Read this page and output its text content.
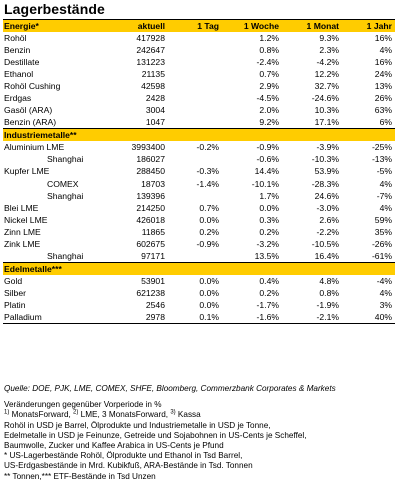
Lagerbestände
Energie*	aktuell	1 Tag	1 Woche	1 Monat	1 Jahr
Rohöl	417928		1.2%	9.3%	16%
Benzin	242647		0.8%	2.3%	4%
Destillate	131223		-2.4%	-4.2%	16%
Ethanol	21135		0.7%	12.2%	24%
Rohöl Cushing	42598		2.9%	32.7%	13%
Erdgas	2428		-4.5%	-24.6%	26%
Gasöl (ARA)	3004		2.0%	10.3%	63%
Benzin (ARA)	1047		9.2%	17.1%	6%
Industriemetalle**					
Aluminium LME	3993400	-0.2%	-0.9%	-3.9%	-25%
Shanghai	186027		-0.6%	-10.3%	-13%
Kupfer LME	288450	-0.3%	14.4%	53.9%	-5%
COMEX	18703	-1.4%	-10.1%	-28.3%	4%
Shanghai	139396		1.7%	24.6%	-7%
Blei LME	214250	0.7%	0.0%	-3.0%	4%
Nickel LME	426018	0.0%	0.3%	2.6%	59%
Zinn LME	11865	0.2%	0.2%	-2.2%	35%
Zink LME	602675	-0.9%	-3.2%	-10.5%	-26%
Shanghai	97171		13.5%	16.4%	-61%
Edelmetalle***					
Gold	53901	0.0%	0.4%	4.8%	-4%
Silber	621238	0.0%	0.2%	0.8%	4%
Platin	2546	0.0%	-1.7%	-1.9%	3%
Palladium	2978	0.1%	-1.6%	-2.1%	40%
Quelle: DOE, PJK, LME, COMEX, SHFE, Bloomberg, Commerzbank Corporates & Markets
Veränderungen gegenüber Vorperiode in %
$^{1)}$ MonatsForward, $^{2)}$ LME, 3 MonatsForward, $^{3)}$ Kassa
Rohöl in USD je Barrel, Ölprodukte und Industriemetalle in USD je Tonne,
Edelmetalle in USD je Feinunze, Getreide und Sojabohnen in US-Cents je Scheffel,
Baumwolle, Zucker und Kaffee Arabica in US-Cents je Pfund
* US-Lagerbestände Rohöl, Ölprodukte und Ethanol in Tsd Barrel,
US-Erdgasbestände in Mrd. Kubikfuß, ARA-Bestände in Tsd. Tonnen
** Tonnen,*** ETF-Bestände in Tsd Unzen
